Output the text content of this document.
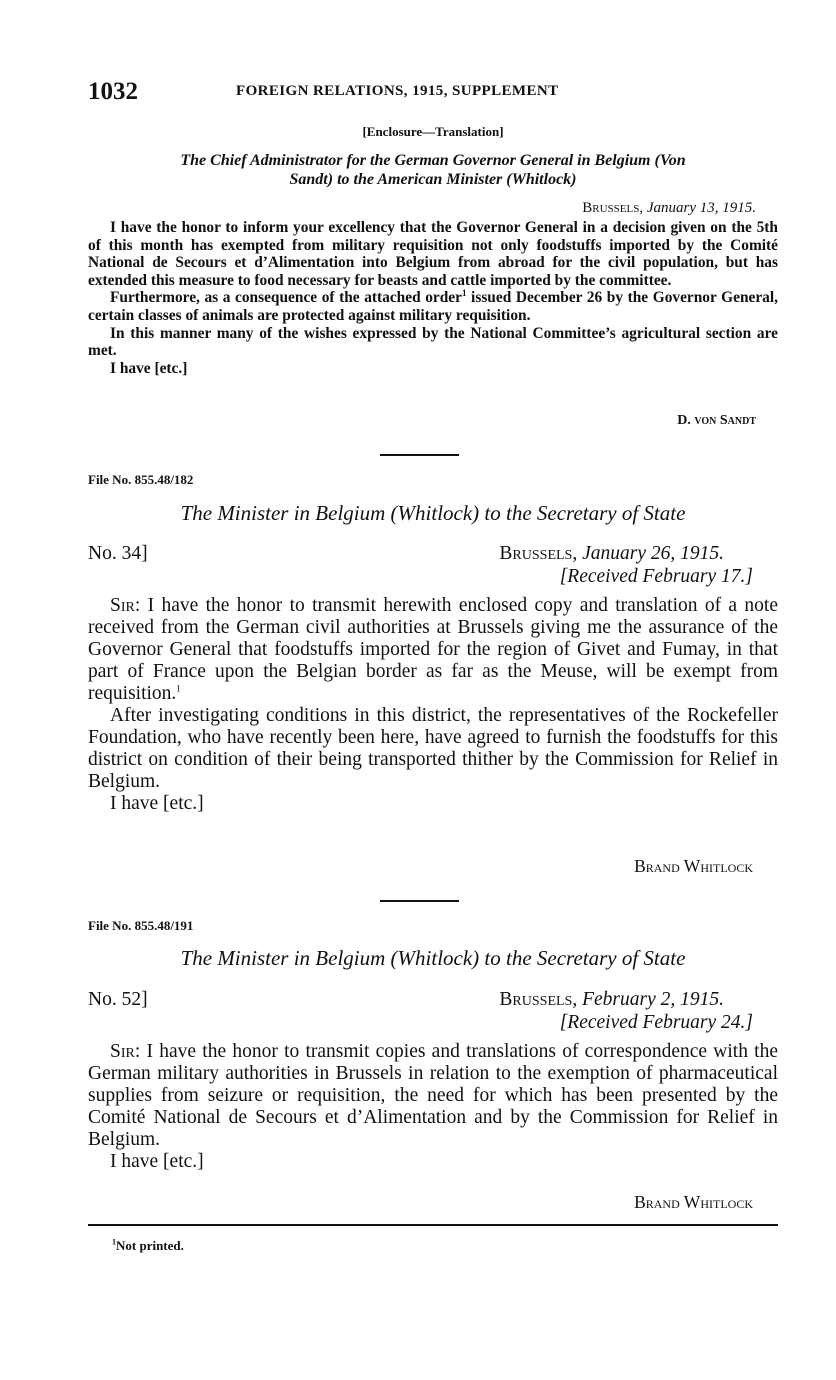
1032	FOREIGN RELATIONS, 1915, SUPPLEMENT
[Enclosure—Translation]
The Chief Administrator for the German Governor General in Belgium (Von
Sandt) to the American Minister (Whitlock)
Brussels, January 13, 1915.

I have the honor to inform your excellency that the Governor General in a decision given on the 5th of this month has exempted from military requisition not only foodstuffs imported by the Comité National de Secours et d’Alimentation into Belgium from abroad for the civil population, but has extended this measure to food necessary for beasts and cattle imported by the committee.

Furthermore, as a consequence of the attached order$^1$ issued December 26 by the Governor General, certain classes of animals are protected against military requisition.

In this manner many of the wishes expressed by the National Committee’s agricultural section are met.

I have [etc.]

D. von Sandt
File No. 855.48/182
The Minister in Belgium (Whitlock) to the Secretary of State
No. 34]	Brussels, January 26, 1915.
[Received February 17.]

Sir: I have the honor to transmit herewith enclosed copy and translation of a note received from the German civil authorities at Brussels giving me the assurance of the Governor General that foodstuffs imported for the region of Givet and Fumay, in that part of France upon the Belgian border as far as the Meuse, will be exempt from requisition.$^1$

After investigating conditions in this district, the representatives of the Rockefeller Foundation, who have recently been here, have agreed to furnish the foodstuffs for this district on condition of their being transported thither by the Commission for Relief in Belgium.

I have [etc.]

Brand Whitlock
File No. 855.48/191
The Minister in Belgium (Whitlock) to the Secretary of State
No. 52]	Brussels, February 2, 1915.
[Received February 24.]

Sir: I have the honor to transmit copies and translations of correspondence with the German military authorities in Brussels in relation to the exemption of pharmaceutical supplies from seizure or requisition, the need for which has been presented by the Comité National de Secours et d’Alimentation and by the Commission for Relief in Belgium.

I have [etc.]

Brand Whitlock
$^1$Not printed.
